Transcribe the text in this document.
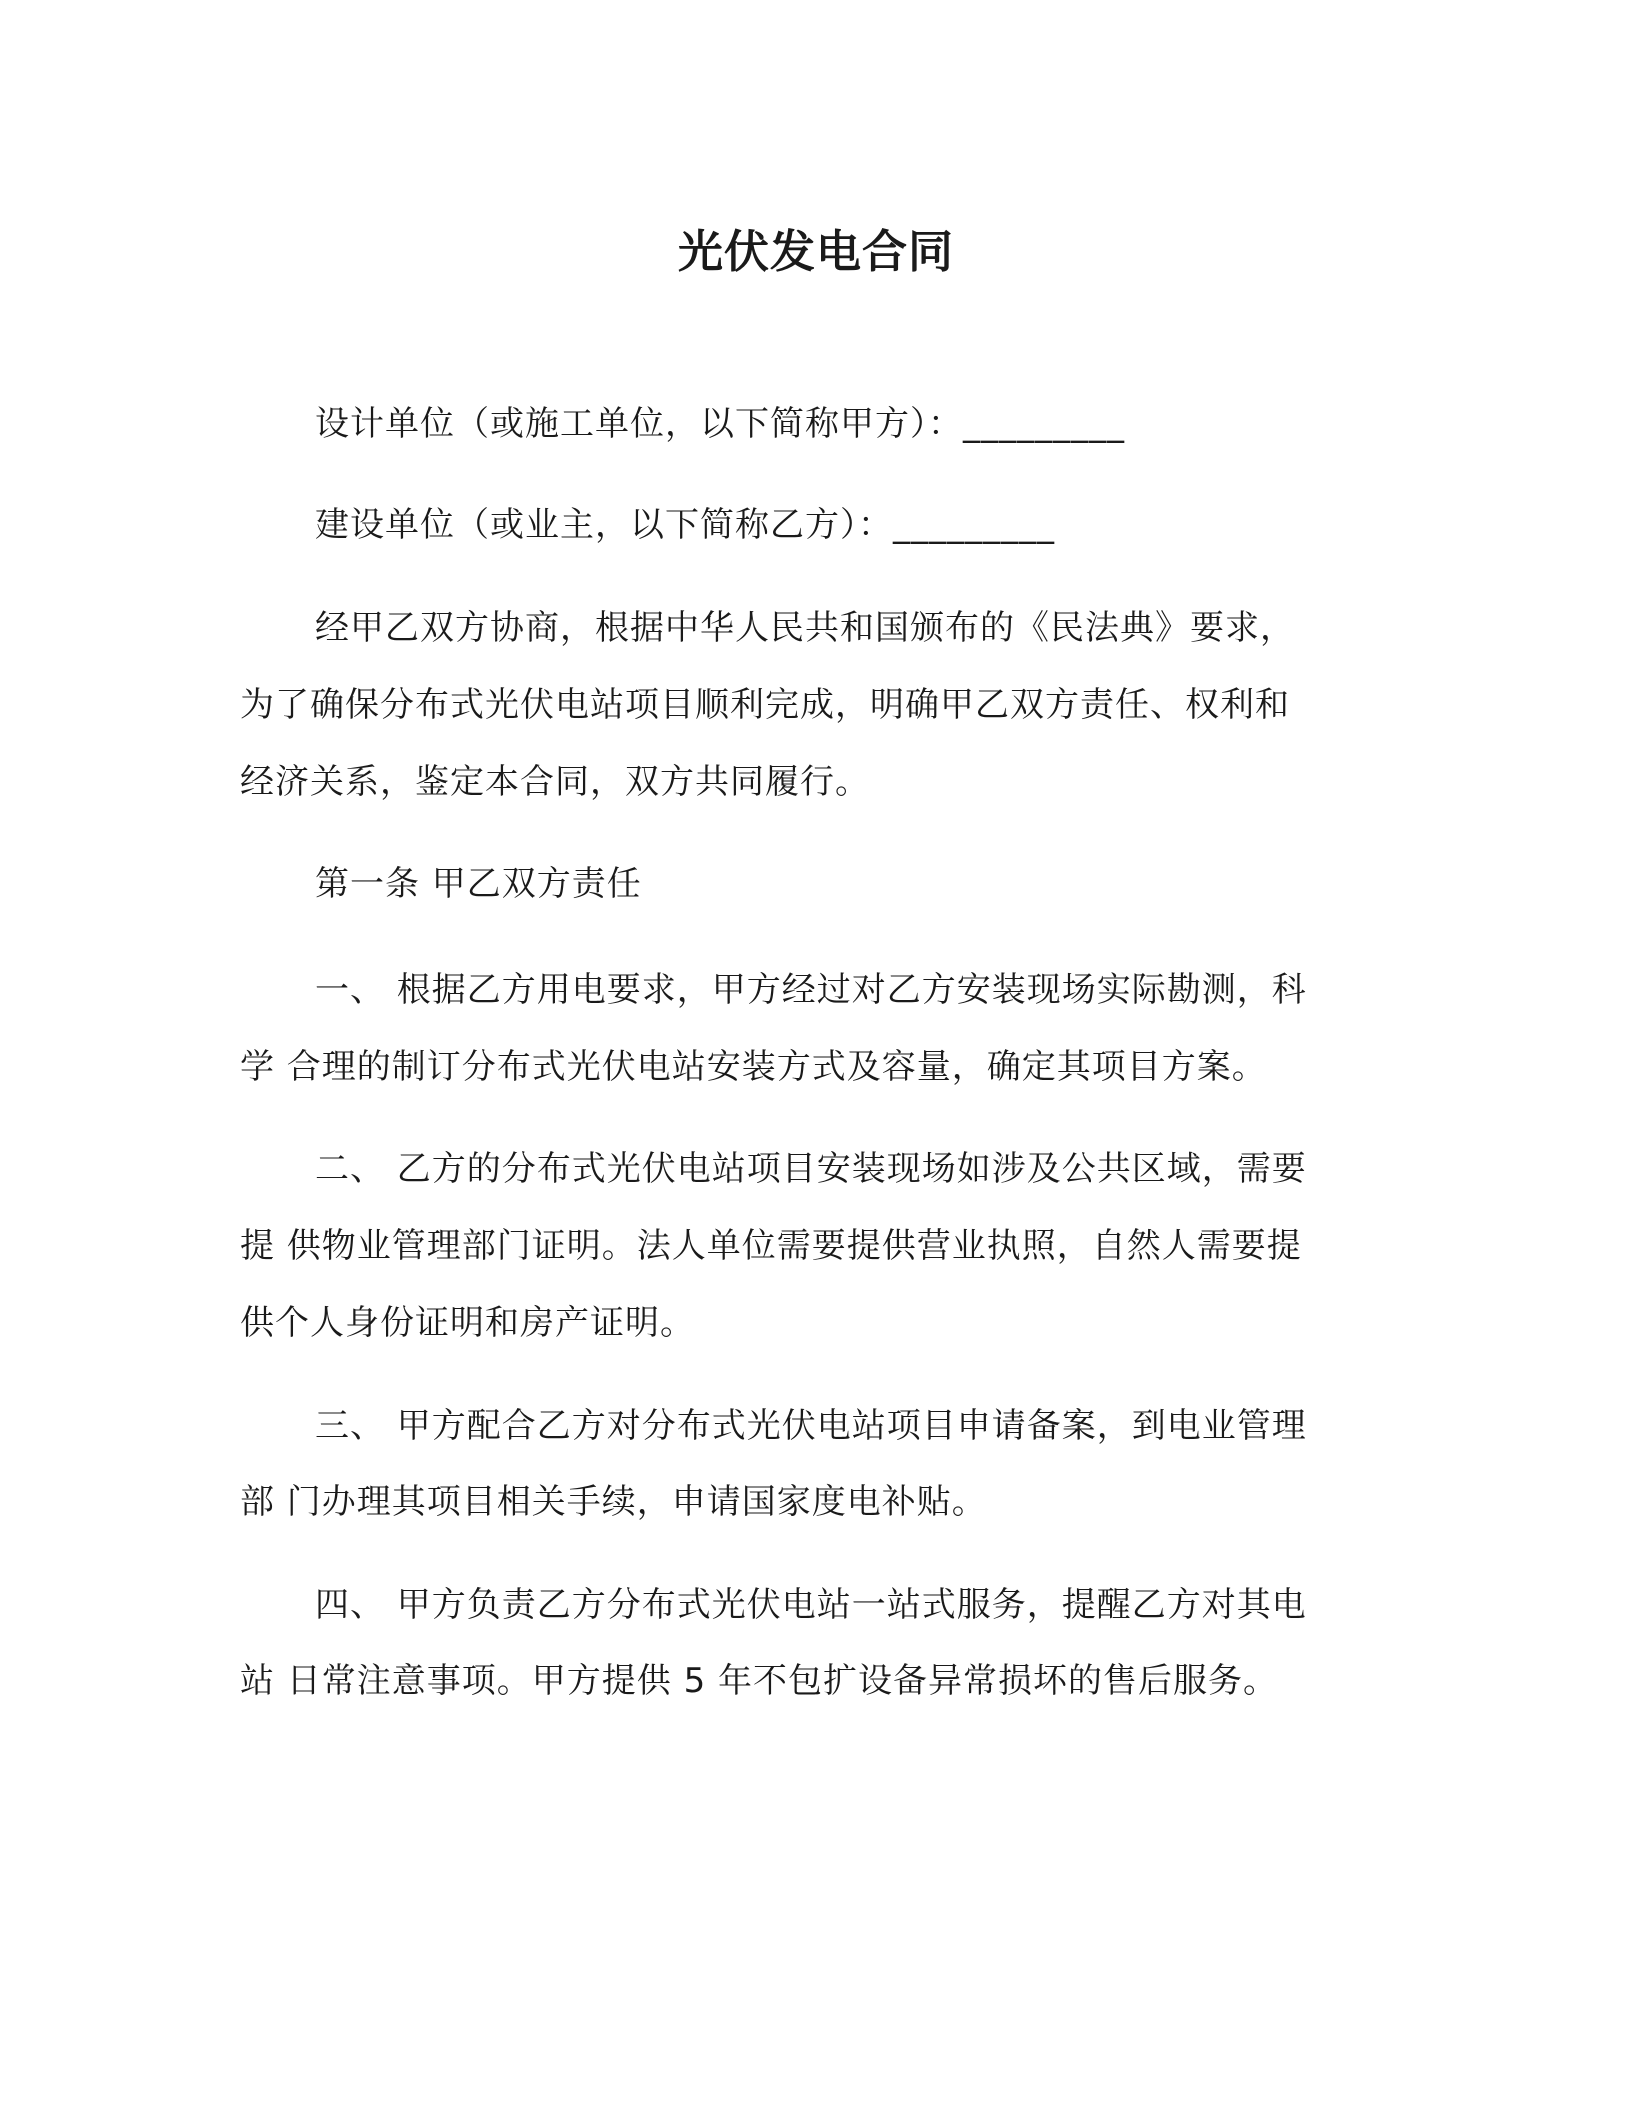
光伏发电合同
设计单位（或施工单位，以下简称甲方）：_________
建设单位（或业主，以下简称乙方）：_________
经甲乙双方协商，根据中华人民共和国颁布的《民法典》要求，
为了确保分布式光伏电站项目顺利完成，明确甲乙双方责任、权利和
经济关系，鉴定本合同，双方共同履行。
第一条 甲乙双方责任
一、 根据乙方用电要求，甲方经过对乙方安装现场实际勘测，科
学 合理的制订分布式光伏电站安装方式及容量，确定其项目方案。
二、 乙方的分布式光伏电站项目安装现场如涉及公共区域，需要
提 供物业管理部门证明。法人单位需要提供营业执照，自然人需要提
供个人身份证明和房产证明。
三、 甲方配合乙方对分布式光伏电站项目申请备案，到电业管理
部 门办理其项目相关手续，申请国家度电补贴。
四、 甲方负责乙方分布式光伏电站一站式服务，提醒乙方对其电
站 日常注意事项。甲方提供 5 年不包扩设备异常损坏的售后服务。
